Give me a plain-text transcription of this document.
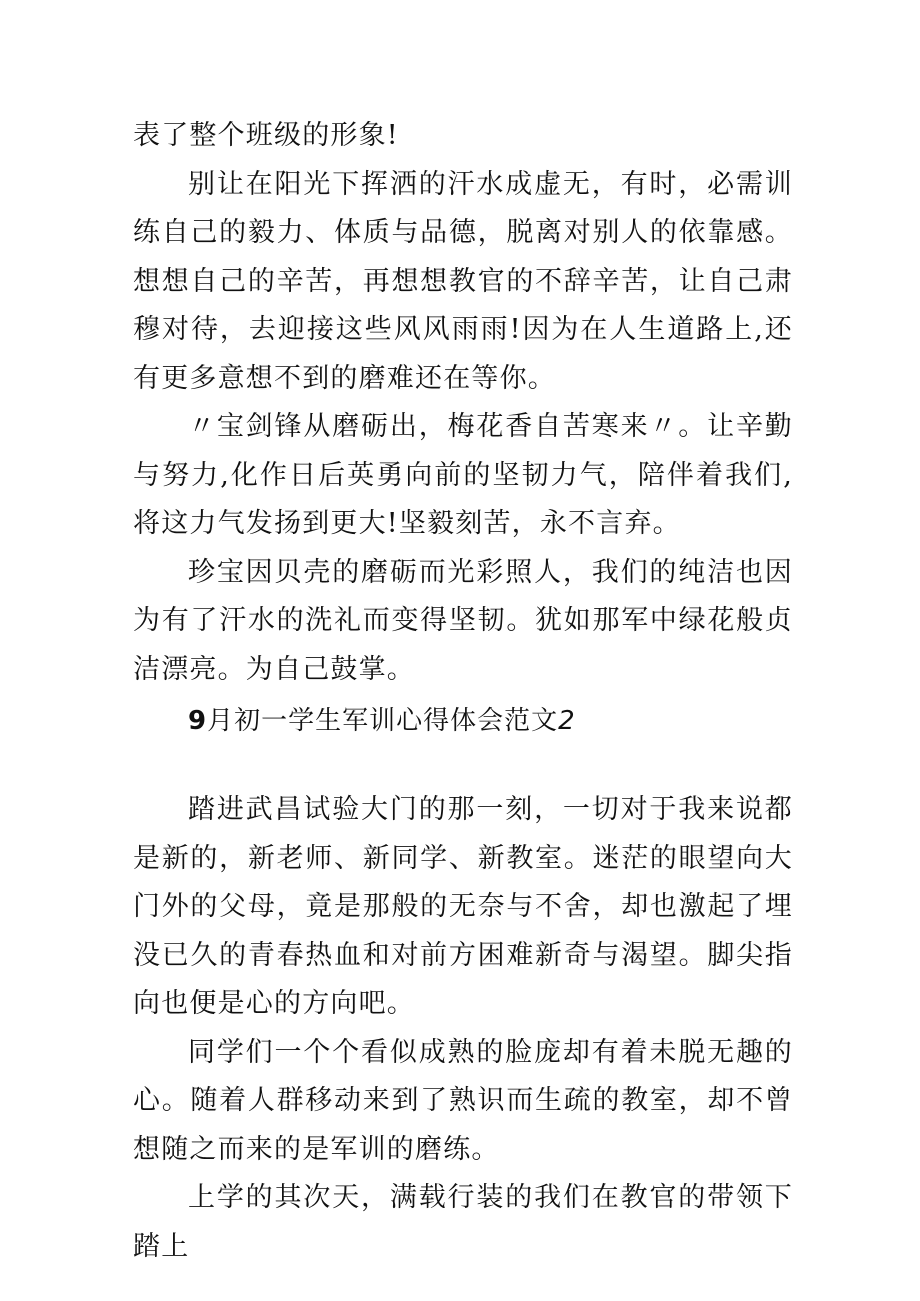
表了整个班级的形象!

别让在阳光下挥洒的汗水成虚无，有时，必需训练自己的毅力、体质与品德，脱离对别人的依靠感。想想自己的辛苦，再想想教官的不辞辛苦，让自己肃穆对待，去迎接这些风风雨雨!因为在人生道路上,还有更多意想不到的磨难还在等你。

〃宝剑锋从磨砺出，梅花香自苦寒来〃。让辛勤与努力,化作日后英勇向前的坚韧力气，陪伴着我们,将这力气发扬到更大!坚毅刻苦，永不言弃。

珍宝因贝壳的磨砺而光彩照人，我们的纯洁也因为有了汗水的洗礼而变得坚韧。犹如那军中绿花般贞洁漂亮。为自己鼓掌。

9月初一学生军训心得体会范文2

踏进武昌试验大门的那一刻，一切对于我来说都是新的，新老师、新同学、新教室。迷茫的眼望向大门外的父母，竟是那般的无奈与不舍，却也激起了埋没已久的青春热血和对前方困难新奇与渴望。脚尖指向也便是心的方向吧。

同学们一个个看似成熟的脸庞却有着未脱无趣的心。随着人群移动来到了熟识而生疏的教室，却不曾想随之而来的是军训的磨练。

上学的其次天，满载行装的我们在教官的带领下踏上
